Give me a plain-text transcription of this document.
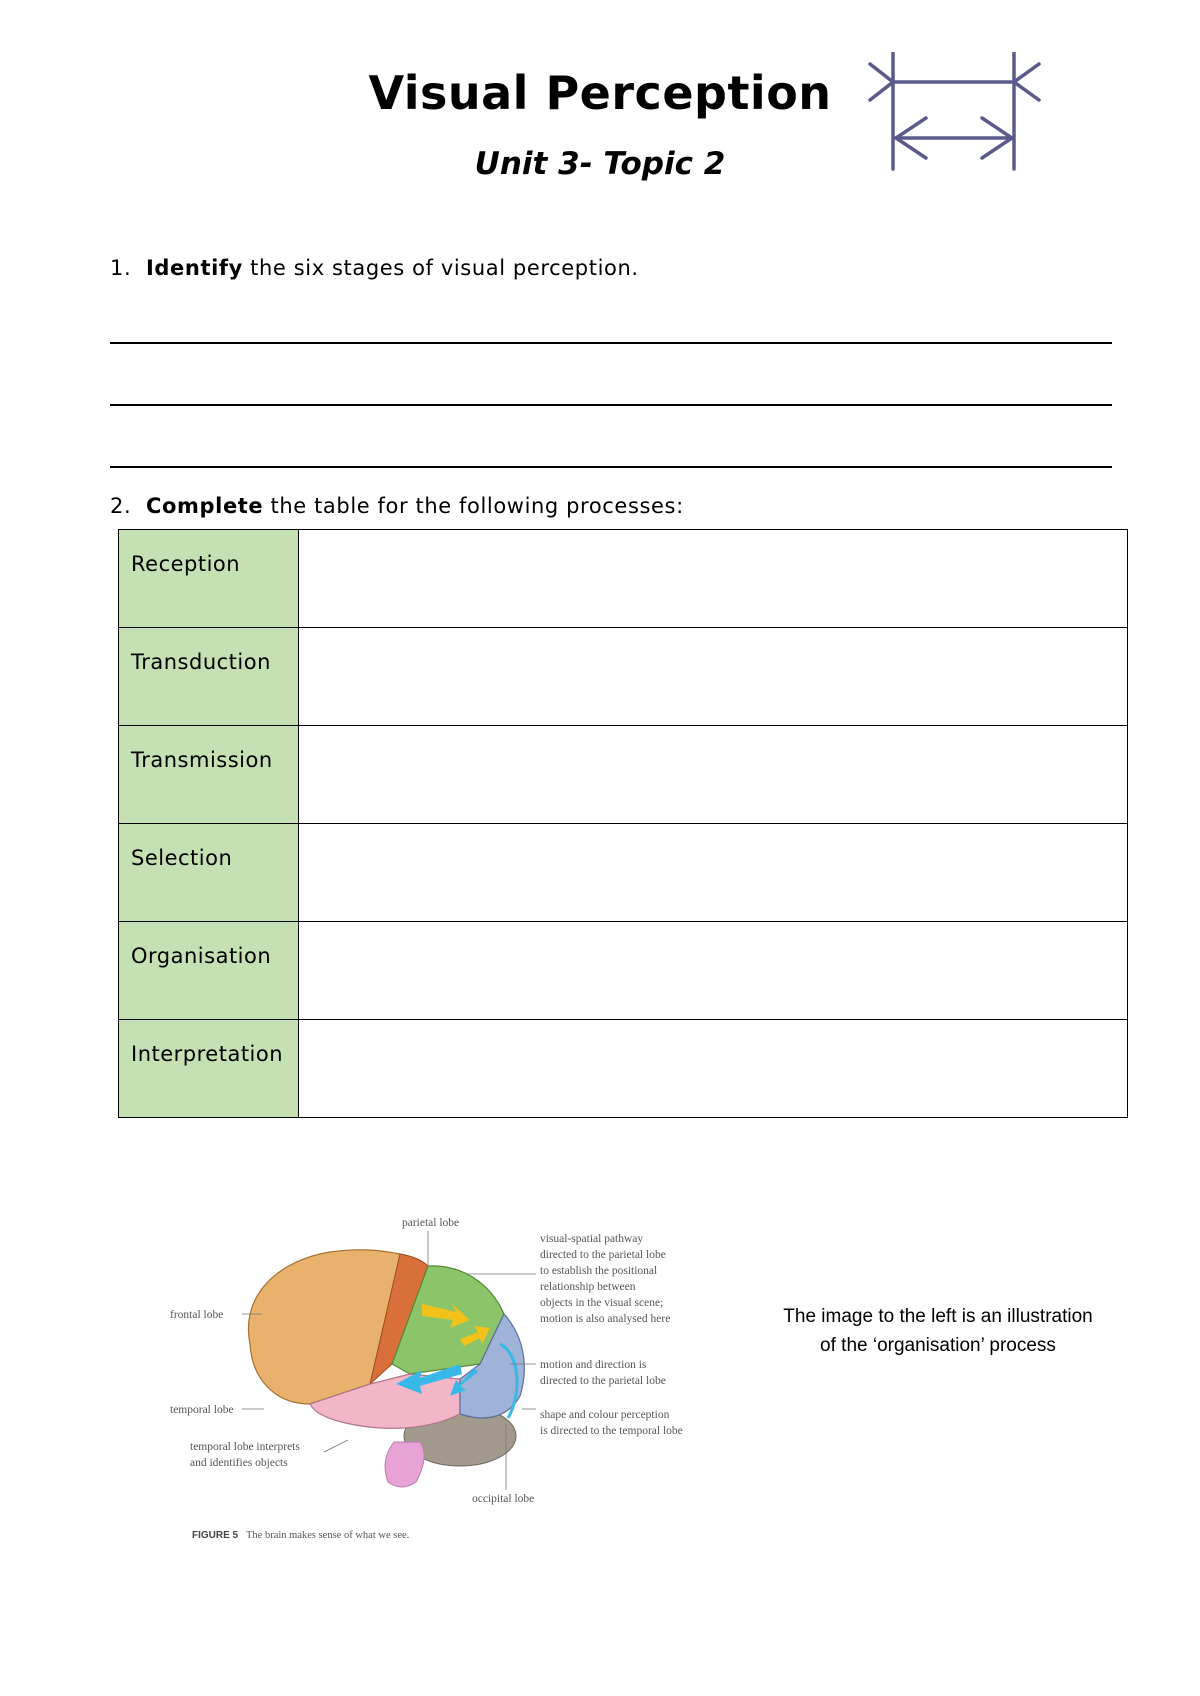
Visual Perception
Unit 3- Topic 2
1. Identify the six stages of visual perception.
2. Complete the table for the following processes:
Reception	
Transduction	
Transmission	
Selection	
Organisation	
Interpretation	
parietal lobe
frontal lobe
temporal lobe
temporal lobe interprets
and identifies objects
occipital lobe
visual-spatial pathway
directed to the parietal lobe
to establish the positional
relationship between
objects in the visual scene;
motion is also analysed here
motion and direction is
directed to the parietal lobe
shape and colour perception
is directed to the temporal lobe
FIGURE 5 The brain makes sense of what we see.
The image to the left is an illustration
of the ‘organisation’ process
